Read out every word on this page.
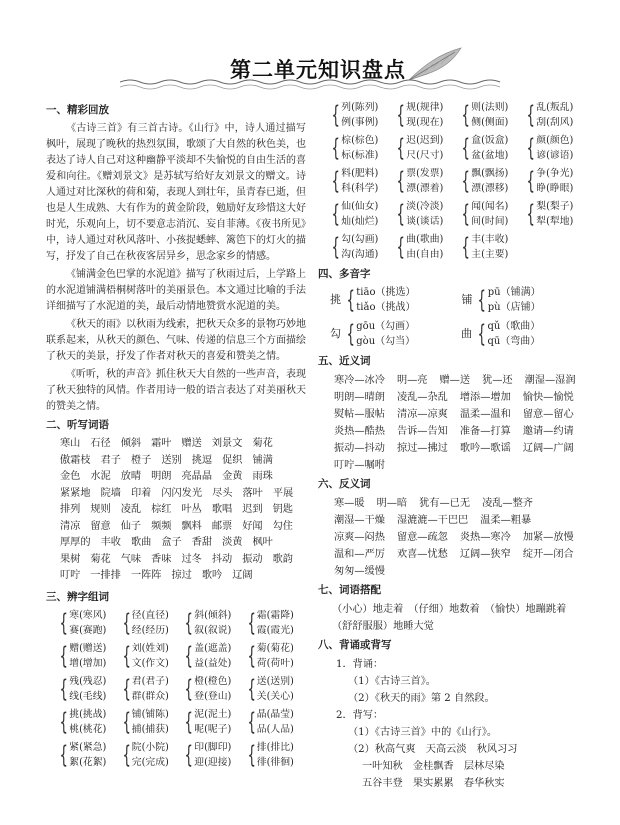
第二单元知识盘点
一、精彩回放

《古诗三首》有三首古诗。《山行》中，诗人通过描写枫叶，展现了晚秋的热烈氛围，歌颂了大自然的秋色美，也表达了诗人自己对这种幽静平淡却不失愉悦的自由生活的喜爱和向往。《赠刘景文》是苏轼写给好友刘景文的赠文。诗人通过对比深秋的荷和菊，表现人到壮年，虽青春已逝，但也是人生成熟、大有作为的黄金阶段，勉励好友珍惜这大好时光，乐观向上，切不要意志消沉、妄自菲薄。《夜书所见》中，诗人通过对秋风落叶、小孩捉蟋蟀、篱笆下的灯火的描写，抒发了自己在秋夜客居异乡，思念家乡的情感。

《铺满金色巴掌的水泥道》描写了秋雨过后，上学路上的水泥道铺满梧桐树落叶的美丽景色。本文通过比喻的手法详细描写了水泥道的美，最后动情地赞赏水泥道的美。

《秋天的雨》以秋雨为线索，把秋天众多的景物巧妙地联系起来，从秋天的颜色、气味、传递的信息三个方面描绘了秋天的美景，抒发了作者对秋天的喜爱和赞美之情。

《听听，秋的声音》抓住秋天大自然的一些声音，表现了秋天独特的风情。作者用诗一般的语言表达了对美丽秋天的赞美之情。

二、听写词语
寒山 石径 倾斜 霜叶 赠送 刘景文 菊花
傲霜枝 君子 橙子 送别 挑逗 促织 铺满
金色 水泥 放晴 明朗 亮晶晶 金黄 雨珠
紧紧地 院墙 印着 闪闪发光 尽头 落叶 平展
排列 规则 凌乱 棕红 叶丛 歌唱 迟到 钥匙
清凉 留意 仙子 频频 飘料 邮票 好闻 勾住
厚厚的 丰收 歌曲 盒子 香甜 淡黄 枫叶
果树 菊花 气味 香味 过冬 抖动 振动 歌韵
叮咛 一排排 一阵阵 掠过 歌吟 辽阔
三、辨字组词
{ 寒(寒风)
赛(赛跑) { 径(直径)
经(经历) { 斜(倾斜)
叙(叙说) { 霜(霜降)
霞(霞光)
{ 赠(赠送)
增(增加) { 刘(姓刘)
文(作文) { 盖(遮盖)
益(益处) { 菊(菊花)
荷(荷叶)
{ 残(残忍)
线(毛线) { 君(君子)
群(群众) { 橙(橙色)
登(登山) { 送(送别)
关(关心)
{ 挑(挑战)
桃(桃花) { 铺(铺陈)
捕(捕获) { 泥(泥土)
呢(呢子) { 晶(晶莹)
品(人品)
{ 紧(紧急)
絮(花絮) { 院(小院)
完(完成) { 印(脚印)
迎(迎接) { 排(排比)
徘(徘徊)
{ 列(陈列)
例(事例) { 规(规律)
现(现在) { 则(法则)
侧(侧面) { 乱(叛乱)
刮(刮风)
{ 棕(棕色)
标(标准) { 迟(迟到)
尺(尺寸) { 盒(饭盒)
盆(盆地) { 颜(颜色)
谚(谚语)
{ 料(肥料)
科(科学) { 票(发票)
漂(漂着) { 飘(飘扬)
漂(漂移) { 争(争光)
睁(睁眼)
{ 仙(仙女)
灿(灿烂) { 淡(冷淡)
谈(谈话) { 闻(闻名)
间(时间) { 梨(梨子)
犁(犁地)
{ 勾(勾画)
沟(沟通) { 曲(歌曲)
由(自由) { 丰(丰收)
主(主要)
四、多音字
挑 { tiāo（挑选）
tiǎo（挑战）
铺 { pū（铺满）
pù（店铺）
勾 { gōu（勾画）
gòu（勾当）
曲 { qǔ（歌曲）
qū（弯曲）
五、近义词
寒冷—冰冷 明—亮 赠—送 犹—还 潮湿—湿润
明朗—晴朗 凌乱—杂乱 增添—增加 愉快—愉悦
熨帖—服帖 清凉—凉爽 温柔—温和 留意—留心
炎热—酷热 告诉—告知 准备—打算 邀请—约请
振动—抖动 掠过—拂过 歌吟—歌谣 辽阔—广阔
叮咛—嘱咐
六、反义词
寒—暖 明—暗 犹有—已无 凌乱—整齐
潮湿—干燥 湿漉漉—干巴巴 温柔—粗暴
凉爽—闷热 留意—疏忽 炎热—寒冷 加紧—放慢
温和—严厉 欢喜—忧愁 辽阔—狭窄 绽开—闭合
匆匆—缓慢
七、词语搭配
（小心）地走着　（仔细）地数着　（愉快）地蹦跳着
（舒舒服服）地睡大觉
八、背诵或背写
1．背诵：
（1）《古诗三首》。
（2）《秋天的雨》第 2 自然段。
2．背写：
（1）《古诗三首》中的《山行》。
（2）秋高气爽　天高云淡　秋风习习
一叶知秋　金桂飘香　层林尽染
五谷丰登　果实累累　春华秋实
